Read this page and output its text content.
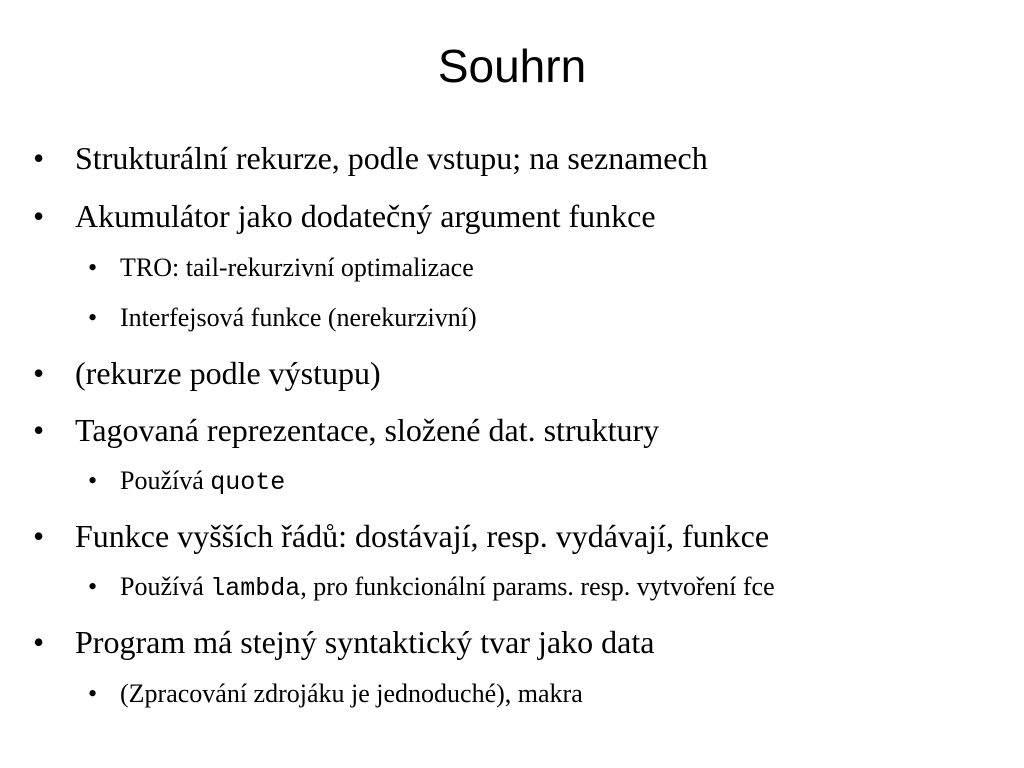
Souhrn
• Strukturální rekurze, podle vstupu; na seznamech
• Akumulátor jako dodatečný argument funkce
• TRO: tail-rekurzivní optimalizace
• Interfejsová funkce (nerekurzivní)
• (rekurze podle výstupu)
• Tagovaná reprezentace, složené dat. struktury
• Používá quote
• Funkce vyšších řádů: dostávají, resp. vydávají, funkce
• Používá lambda, pro funkcionální params. resp. vytvoření fce
• Program má stejný syntaktický tvar jako data
• (Zpracování zdrojáku je jednoduché), makra
